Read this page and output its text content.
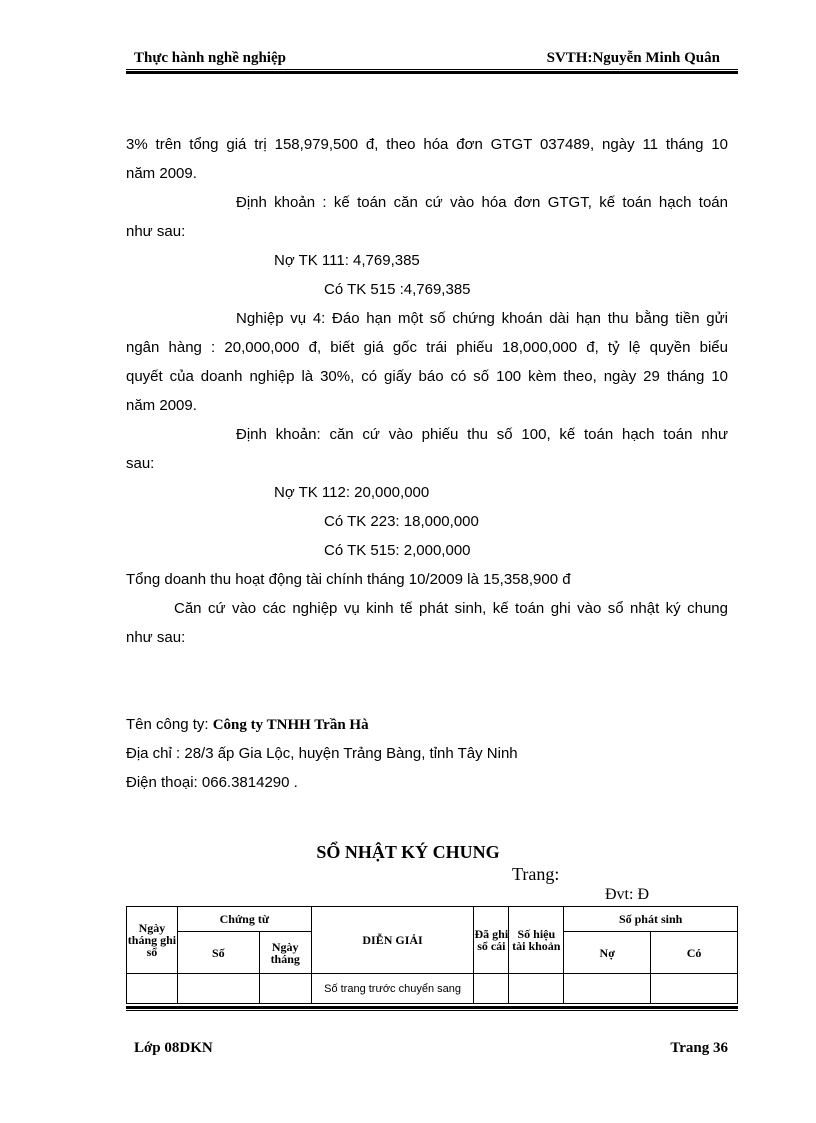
Thực hành nghề nghiệp	SVTH:Nguyễn Minh Quân
3% trên tổng giá trị 158,979,500 đ, theo hóa đơn GTGT 037489, ngày 11 tháng 10
năm 2009.
Định khoản : kế toán căn cứ vào hóa đơn GTGT, kế toán hạch toán
như sau:
Nợ TK 111: 4,769,385
Có TK 515 :4,769,385
Nghiệp vụ 4: Đáo hạn một số chứng khoán dài hạn thu bằng tiền gửi
ngân hàng : 20,000,000 đ, biết giá gốc trái phiếu 18,000,000 đ, tỷ lệ quyền biểu
quyết của doanh nghiệp là 30%, có giấy báo có số 100 kèm theo, ngày 29 tháng 10
năm 2009.
Định khoản: căn cứ vào phiếu thu số 100, kế toán hạch toán như
sau:
Nợ TK 112: 20,000,000
Có TK 223: 18,000,000
Có TK 515: 2,000,000
Tổng doanh thu hoạt động tài chính tháng 10/2009 là 15,358,900 đ
Căn cứ vào các nghiệp vụ kinh tế phát sinh, kế toán ghi vào sổ nhật ký chung
như sau:
Tên công ty: Công ty TNHH Trần Hà
Địa chỉ : 28/3 ấp Gia Lộc, huyện Trảng Bàng, tỉnh Tây Ninh
Điện thoại: 066.3814290 .
SỔ NHẬT KÝ CHUNG
Trang:
Đvt: Đ
Ngày tháng ghi sổ	Chứng từ		DIỄN GIẢI	Đã ghi sổ cái	Số hiệu tài khoản	Số phát sinh	
	Số	Ngày tháng				Nợ	Có
			Số trang trước chuyển sang				
Lớp 08DKN	Trang 36
